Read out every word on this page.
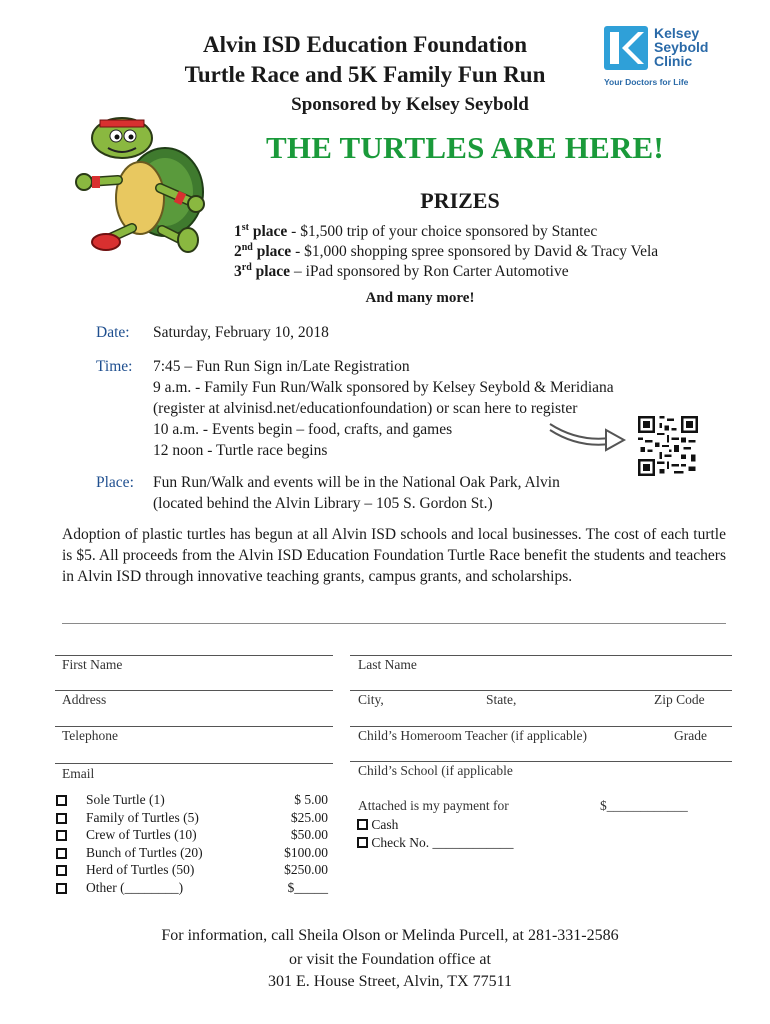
Alvin ISD Education Foundation
Turtle Race and 5K Family Fun Run
Sponsored by Kelsey Seybold
Kelsey
Seybold
Clinic
Your Doctors for Life
THE TURTLES ARE HERE!
PRIZES
1st place - $1,500 trip of your choice sponsored by Stantec
2nd place - $1,000 shopping spree sponsored by David & Tracy Vela
3rd place – iPad sponsored by Ron Carter Automotive
And many more!
Date: Saturday, February 10, 2018
Time: 7:45 – Fun Run Sign in/Late Registration
9 a.m. - Family Fun Run/Walk sponsored by Kelsey Seybold & Meridiana
(register at alvinisd.net/educationfoundation) or scan here to register
10 a.m. - Events begin – food, crafts, and games
12 noon - Turtle race begins
Place: Fun Run/Walk and events will be in the National Oak Park, Alvin
(located behind the Alvin Library – 105 S. Gordon St.)
Adoption of plastic turtles has begun at all Alvin ISD schools and local businesses. The cost of each turtle is $5. All proceeds from the Alvin ISD Education Foundation Turtle Race benefit the students and teachers in Alvin ISD through innovative teaching grants, campus grants, and scholarships.
First Name	Last Name
Address	City,	State,	Zip Code
Telephone	Child’s Homeroom Teacher (if applicable)	Grade
Email	Child’s School (if applicable
Sole Turtle (1)	$ 5.00
Family of Turtles (5)	$25.00
Crew of Turtles (10)	$50.00
Bunch of Turtles (20)	$100.00
Herd of Turtles (50)	$250.00
Other (________)	$_____
Attached is my payment for	$____________
Cash
Check No. ____________
For information, call Sheila Olson or Melinda Purcell, at 281-331-2586
or visit the Foundation office at
301 E. House Street, Alvin, TX 77511
